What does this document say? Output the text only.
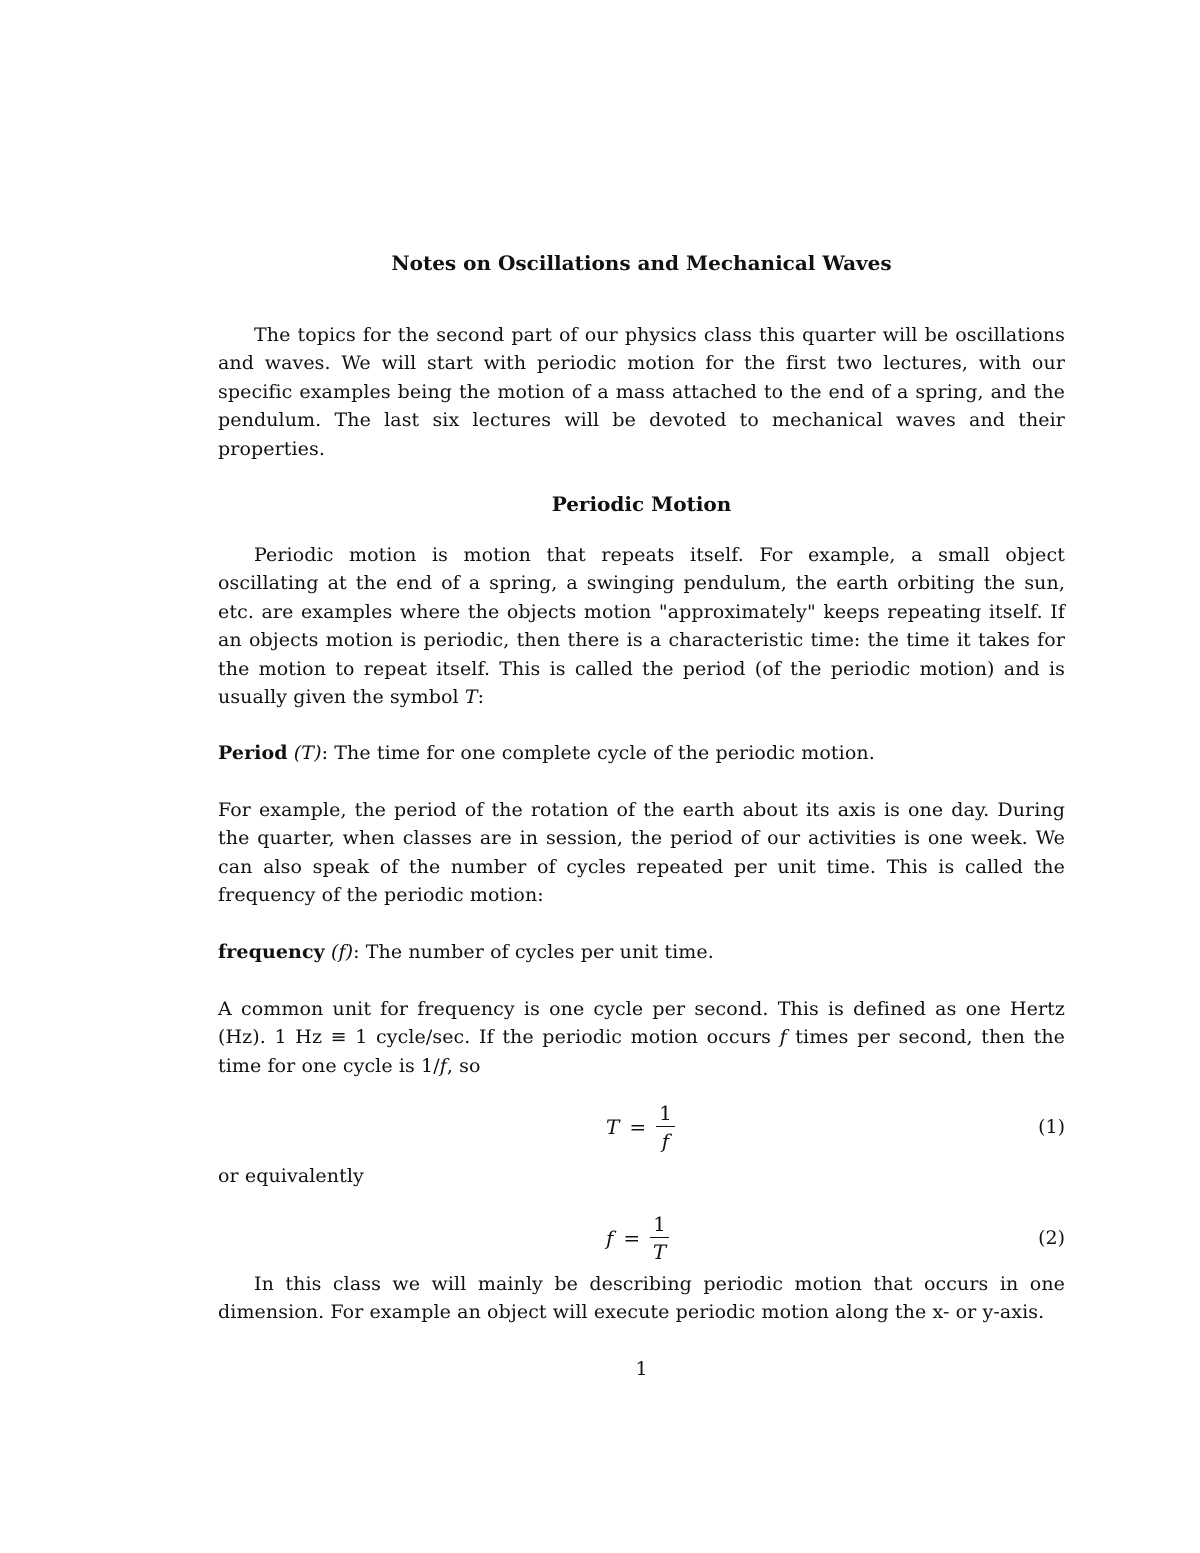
Notes on Oscillations and Mechanical Waves

The topics for the second part of our physics class this quarter will be oscillations and waves. We will start with periodic motion for the first two lectures, with our specific examples being the motion of a mass attached to the end of a spring, and the pendulum. The last six lectures will be devoted to mechanical waves and their properties.

Periodic Motion

Periodic motion is motion that repeats itself. For example, a small object oscillating at the end of a spring, a swinging pendulum, the earth orbiting the sun, etc. are examples where the objects motion "approximately" keeps repeating itself. If an objects motion is periodic, then there is a characteristic time: the time it takes for the motion to repeat itself. This is called the period (of the periodic motion) and is usually given the symbol T:

Period (T): The time for one complete cycle of the periodic motion.

For example, the period of the rotation of the earth about its axis is one day. During the quarter, when classes are in session, the period of our activities is one week. We can also speak of the number of cycles repeated per unit time. This is called the frequency of the periodic motion:

frequency (f): The number of cycles per unit time.

A common unit for frequency is one cycle per second. This is defined as one Hertz (Hz). 1 Hz ≡ 1 cycle/sec. If the periodic motion occurs f times per second, then the time for one cycle is 1/f, so

$T = \frac{1}{f}$	(1)

or equivalently

$f = \frac{1}{T}$	(2)

In this class we will mainly be describing periodic motion that occurs in one dimension. For example an object will execute periodic motion along the x- or y-axis.

1
